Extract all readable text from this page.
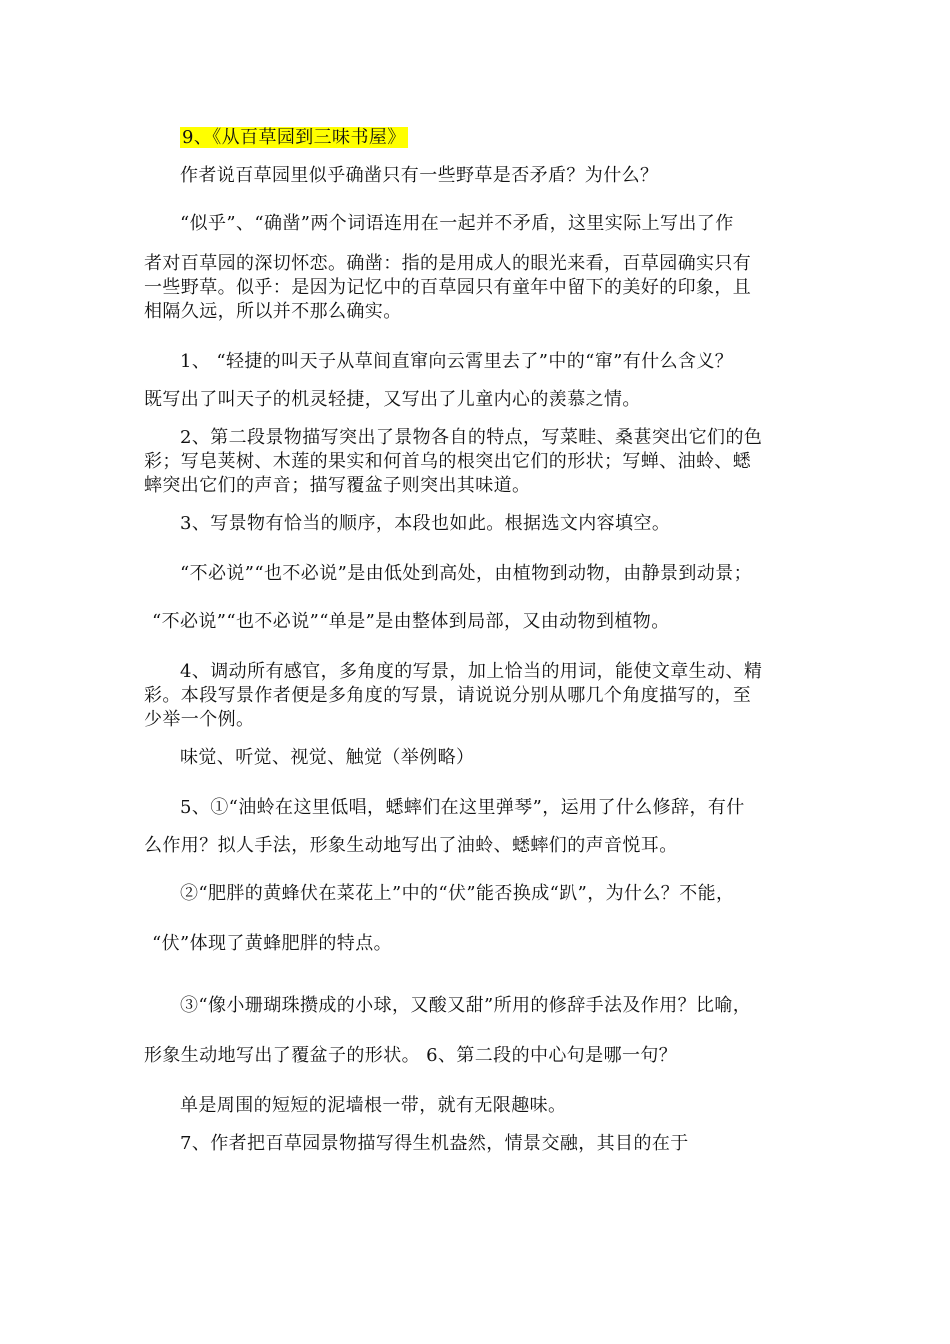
9、《从百草园到三味书屋》
作者说百草园里似乎确凿只有一些野草是否矛盾？为什么？
“似乎”、“确凿”两个词语连用在一起并不矛盾，这里实际上写出了作
者对百草园的深切怀恋。确凿：指的是用成人的眼光来看，百草园确实只有
一些野草。似乎：是因为记忆中的百草园只有童年中留下的美好的印象，且
相隔久远，所以并不那么确实。
1、 “轻捷的叫天子从草间直窜向云霄里去了”中的“窜”有什么含义？
既写出了叫天子的机灵轻捷，又写出了儿童内心的羡慕之情。
2、第二段景物描写突出了景物各自的特点，写菜畦、桑葚突出它们的色
彩；写皂荚树、木莲的果实和何首乌的根突出它们的形状；写蝉、油蛉、蟋
蟀突出它们的声音；描写覆盆子则突出其味道。
3、写景物有恰当的顺序，本段也如此。根据选文内容填空。
“不必说”“也不必说”是由低处到高处，由植物到动物，由静景到动景；
“不必说”“也不必说”“单是”是由整体到局部，又由动物到植物。
4、调动所有感官，多角度的写景，加上恰当的用词，能使文章生动、精
彩。本段写景作者便是多角度的写景，请说说分别从哪几个角度描写的，至
少举一个例。
味觉、听觉、视觉、触觉（举例略）
5、①“油蛉在这里低唱，蟋蟀们在这里弹琴”，运用了什么修辞，有什
么作用？拟人手法，形象生动地写出了油蛉、蟋蟀们的声音悦耳。
②“肥胖的黄蜂伏在菜花上”中的“伏”能否换成“趴”，为什么？不能，
“伏”体现了黄蜂肥胖的特点。
③“像小珊瑚珠攒成的小球，又酸又甜”所用的修辞手法及作用？比喻，
形象生动地写出了覆盆子的形状。 6、第二段的中心句是哪一句？
单是周围的短短的泥墙根一带，就有无限趣味。
7、作者把百草园景物描写得生机盎然，情景交融，其目的在于
